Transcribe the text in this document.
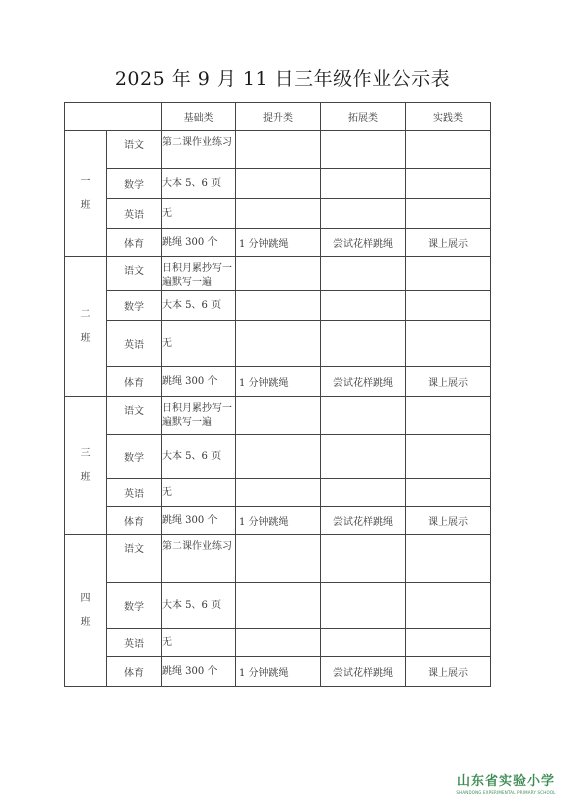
2025 年 9 月 11 日三年级作业公示表
		基础类	提升类	拓展类	实践类
一
班	语文	第二课作业练习			
	数学	大本 5、6 页			
	英语	无			
	体育	跳绳 300 个	1 分钟跳绳	尝试花样跳绳	课上展示
二
班	语文	日积月累抄写一遍默写一遍			
	数学	大本 5、6 页			
	英语	无			
	体育	跳绳 300 个	1 分钟跳绳	尝试花样跳绳	课上展示
三
班	语文	日积月累抄写一遍默写一遍			
	数学	大本 5、6 页			
	英语	无			
	体育	跳绳 300 个	1 分钟跳绳	尝试花样跳绳	课上展示
四
班	语文	第二课作业练习			
	数学	大本 5、6 页			
	英语	无			
	体育	跳绳 300 个	1 分钟跳绳	尝试花样跳绳	课上展示
山东省实验小学
SHANDONG EXPERIMENTAL PRIMARY SCHOOL
